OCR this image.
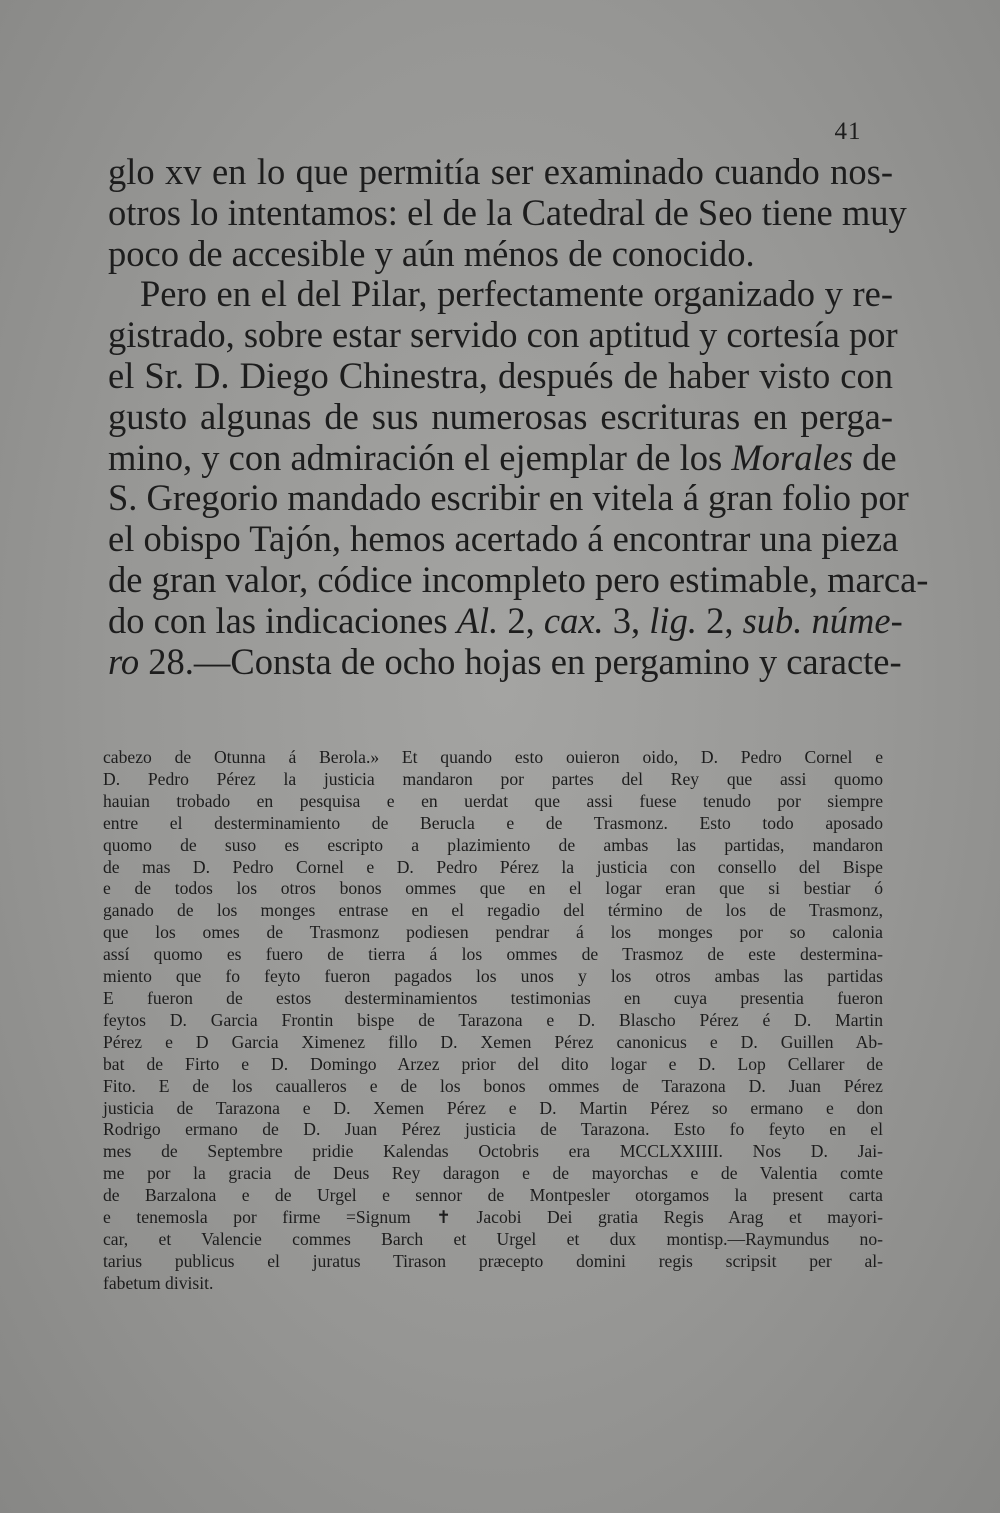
41
glo xv en lo que permitía ser examinado cuando nos-
otros lo intentamos: el de la Catedral de Seo tiene muy
poco de accesible y aún ménos de conocido.
Pero en el del Pilar, perfectamente organizado y re-
gistrado, sobre estar servido con aptitud y cortesía por
el Sr. D. Diego Chinestra, después de haber visto con
gusto algunas de sus numerosas escrituras en perga-
mino, y con admiración el ejemplar de los Morales de
S. Gregorio mandado escribir en vitela á gran folio por
el obispo Tajón, hemos acertado á encontrar una pieza
de gran valor, códice incompleto pero estimable, marca-
do con las indicaciones Al. 2, cax. 3, lig. 2, sub. núme-
ro 28.—Consta de ocho hojas en pergamino y caracte-
cabezo de Otunna á Berola.» Et quando esto ouieron oido, D. Pedro Cornel e
D. Pedro Pérez la justicia mandaron por partes del Rey que assi quomo
hauian trobado en pesquisa e en uerdat que assi fuese tenudo por siempre
entre el desterminamiento de Berucla e de Trasmonz. Esto todo aposado
quomo de suso es escripto a plazimiento de ambas las partidas, mandaron
de mas D. Pedro Cornel e D. Pedro Pérez la justicia con consello del Bispe
e de todos los otros bonos ommes que en el logar eran que si bestiar ó
ganado de los monges entrase en el regadio del término de los de Trasmonz,
que los omes de Trasmonz podiesen pendrar á los monges por so calonia
assí quomo es fuero de tierra á los ommes de Trasmoz de este destermina-
miento que fo feyto fueron pagados los unos y los otros ambas las partidas
E fueron de estos desterminamientos testimonias en cuya presentia fueron
feytos D. Garcia Frontin bispe de Tarazona e D. Blascho Pérez é D. Martin
Pérez e D Garcia Ximenez fillo D. Xemen Pérez canonicus e D. Guillen Ab-
bat de Firto e D. Domingo Arzez prior del dito logar e D. Lop Cellarer de
Fito. E de los caualleros e de los bonos ommes de Tarazona D. Juan Pérez
justicia de Tarazona e D. Xemen Pérez e D. Martin Pérez so ermano e don
Rodrigo ermano de D. Juan Pérez justicia de Tarazona. Esto fo feyto en el
mes de Septembre pridie Kalendas Octobris era MCCLXXIIII. Nos D. Jai-
me por la gracia de Deus Rey daragon e de mayorchas e de Valentia comte
de Barzalona e de Urgel e sennor de Montpesler otorgamos la present carta
e tenemosla por firme =Signum ✝ Jacobi Dei gratia Regis Arag et mayori-
car, et Valencie commes Barch et Urgel et dux montisp.—Raymundus no-
tarius publicus el juratus Tirason præcepto domini regis scripsit per al-
fabetum divisit.
